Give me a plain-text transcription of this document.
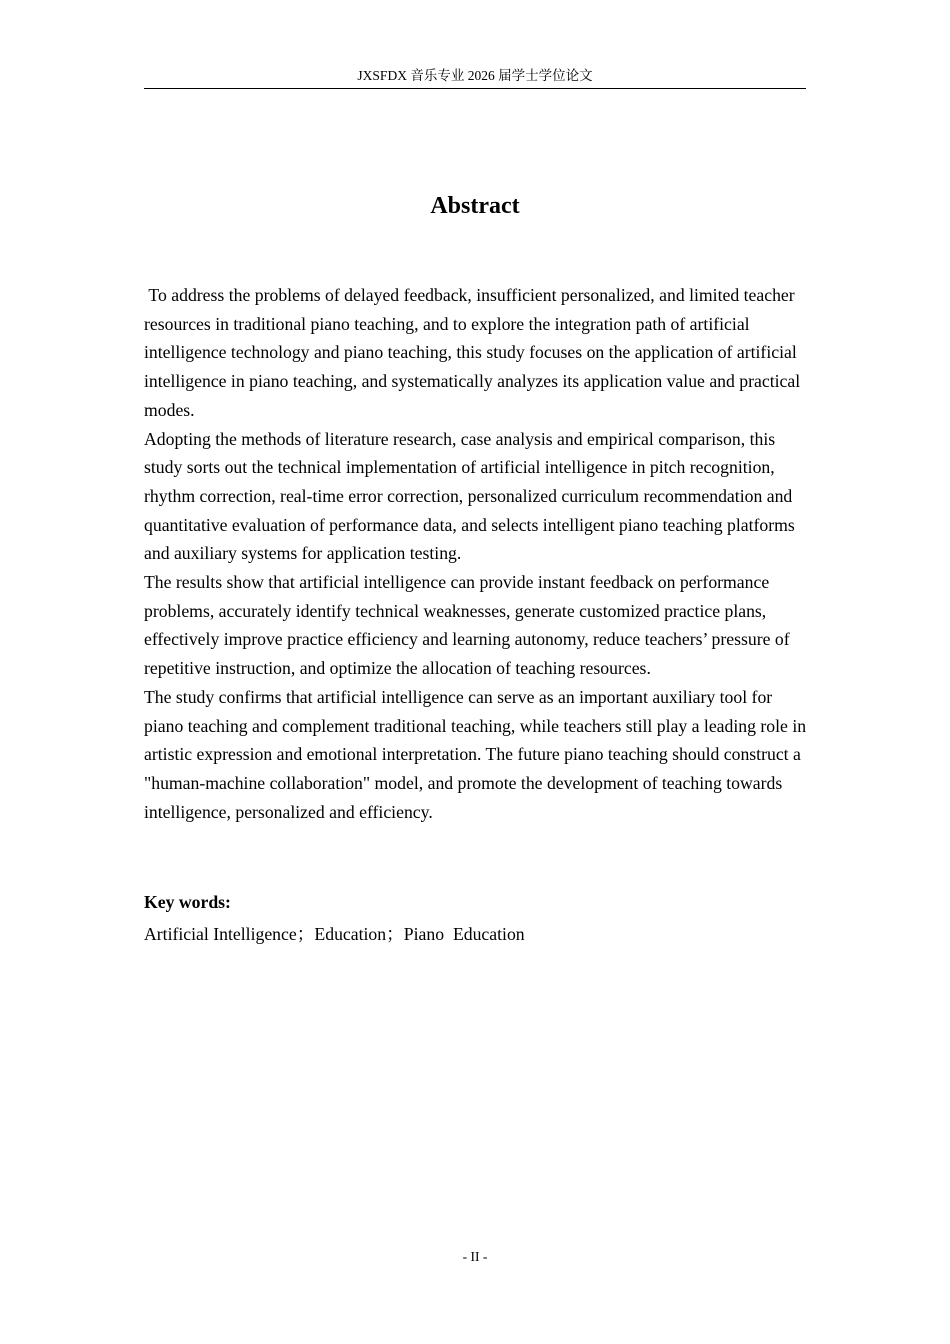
JXSFDX 音乐专业 2026 届学士学位论文
Abstract

To address the problems of delayed feedback, insufficient personalized, and limited teacher resources in traditional piano teaching, and to explore the integration path of artificial intelligence technology and piano teaching, this study focuses on the application of artificial intelligence in piano teaching, and systematically analyzes its application value and practical modes.

Adopting the methods of literature research, case analysis and empirical comparison, this study sorts out the technical implementation of artificial intelligence in pitch recognition, rhythm correction, real-time error correction, personalized curriculum recommendation and quantitative evaluation of performance data, and selects intelligent piano teaching platforms and auxiliary systems for application testing.

The results show that artificial intelligence can provide instant feedback on performance problems, accurately identify technical weaknesses, generate customized practice plans, effectively improve practice efficiency and learning autonomy, reduce teachers’ pressure of repetitive instruction, and optimize the allocation of teaching resources.

The study confirms that artificial intelligence can serve as an important auxiliary tool for piano teaching and complement traditional teaching, while teachers still play a leading role in artistic expression and emotional interpretation. The future piano teaching should construct a "human-machine collaboration" model, and promote the development of teaching towards intelligence, personalized and efficiency.

Key words:
Artificial Intelligence；Education；Piano  Education
- II -
